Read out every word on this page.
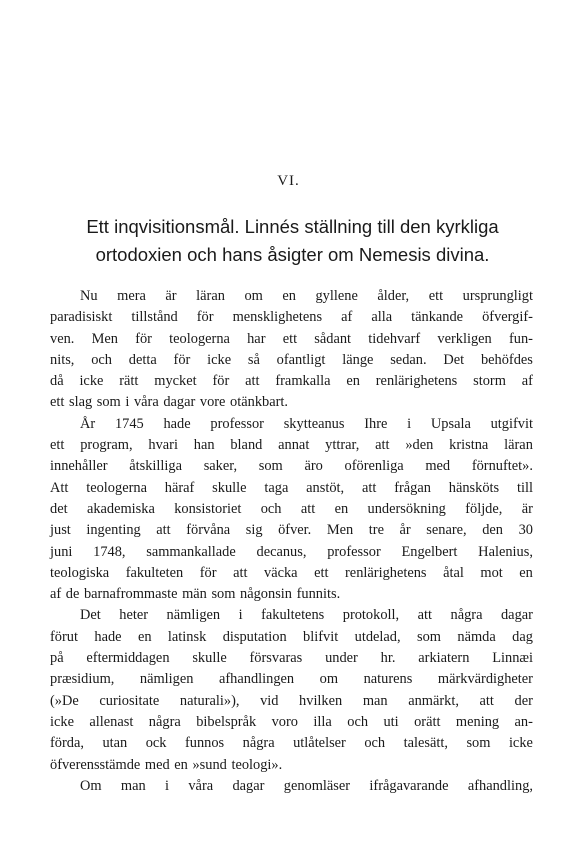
VI.
Ett inqvisitionsmål. Linnés ställning till den kyrkliga
ortodoxien och hans åsigter om Nemesis divina.
Nu mera är läran om en gyllene ålder, ett ursprungligt
paradisiskt tillstånd för mensklighetens af alla tänkande öfvergif-
ven. Men för teologerna har ett sådant tidehvarf verkligen fun-
nits, och detta för icke så ofantligt länge sedan. Det behöfdes
då icke rätt mycket för att framkalla en renlärighetens storm af
ett slag som i våra dagar vore otänkbart.
År 1745 hade professor skytteanus Ihre i Upsala utgifvit
ett program, hvari han bland annat yttrar, att »den kristna läran
innehåller åtskilliga saker, som äro oförenliga med förnuftet».
Att teologerna häraf skulle taga anstöt, att frågan hänsköts till
det akademiska konsistoriet och att en undersökning följde, är
just ingenting att förvåna sig öfver. Men tre år senare, den 30
juni 1748, sammankallade decanus, professor Engelbert Halenius,
teologiska fakulteten för att väcka ett renlärighetens åtal mot en
af de barnafrommaste män som någonsin funnits.
Det heter nämligen i fakultetens protokoll, att några dagar
förut hade en latinsk disputation blifvit utdelad, som nämda dag
på eftermiddagen skulle försvaras under hr. arkiatern Linnæi
præsidium, nämligen afhandlingen om naturens märkvärdigheter
(»De curiositate naturali»), vid hvilken man anmärkt, att der
icke allenast några bibelspråk voro illa och uti orätt mening an-
förda, utan ock funnos några utlåtelser och talesätt, som icke
öfverensstämde med en »sund teologi».
Om man i våra dagar genomläser ifrågavarande afhandling,
